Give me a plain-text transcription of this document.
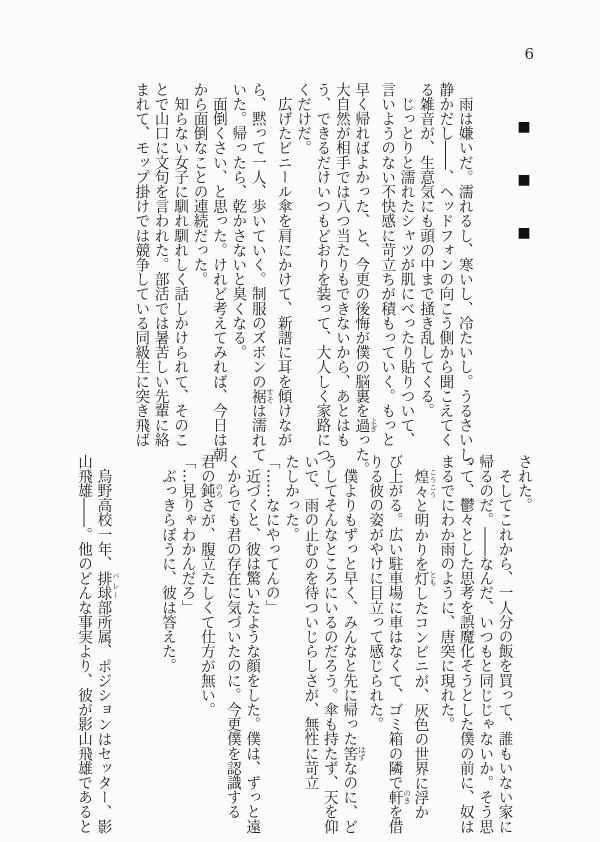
6
■■■
　雨は嫌いだ。濡れるし、寒いし、冷たいし。うるさいし、
静かだし――、ヘッドフォンの向こう側から聞こえてく
る雑音が、生意気にも頭の中まで掻き乱してくる。
　じっとりと濡れたシャツが肌にべったり貼りついて、
言いようのない不快感に苛立ちが積もっていく。もっと
早く帰ればよかった、と、今更の後悔が僕の脳裏を過 よぎった。
大自然が相手では八つ当たりもできないから、あとはも
う、できるだけいつもどおりを装って、大人しく家路につ
くだけだ。
　広げたビニール傘を肩にかけて、新譜に耳を傾けなが
ら、黙って一人、歩いていく。制服のズボンの裾 すそは濡れて
いた。帰ったら、乾かさないと臭くなる。
　面倒くさい、と思った。けれど考えてみれば、今日は朝
から面倒なことの連続だった。
　知らない女子に馴れ馴れしく話しかけられて、そのこ
とで山口に文句を言われた。部活では暑苦しい先輩に絡
まれて、モップ掛けでは競争している同級生に突き飛ば
された。
　そしてこれから、一人分の飯を買って、誰もいない家に
帰るのだ。――なんだ、いつもと同じじゃないか。そう思
って、鬱々とした思考を誤魔化そうとした僕の前に、奴は
まるでにわか雨のように、唐突に現れた。
　煌々 こうこうと明かりを灯 ともしたコンビニが、灰色の世界に浮か
び上がる。広い駐車場に車はなくて、ゴミ箱の隣で軒 のきを借
りる彼の姿がやけに目立って感じられた。
　僕よりもずっと早く、みんなと先に帰った筈 はずなのに、ど
うしてそんなところにいるのだろう。傘も持たず、天を仰
いで、雨の止むのを待ついじらしさが、無性に苛立
たしかった。
「……なにやってんの」
　近づくと、彼は驚いたような顔をした。僕は、ずっと遠
くからでも君の存在に気づいたのに。今更僕を認識する
君の鈍 のろさが、腹立たしくて仕方が無い。
「…見りゃわかんだろ」
　ぶっきらぼうに、彼は答えた。
　烏野高校一年、排球 バレー部所属、ポジションはセッター、影
山飛雄――。他のどんな事実より、彼が影山飛雄であると
